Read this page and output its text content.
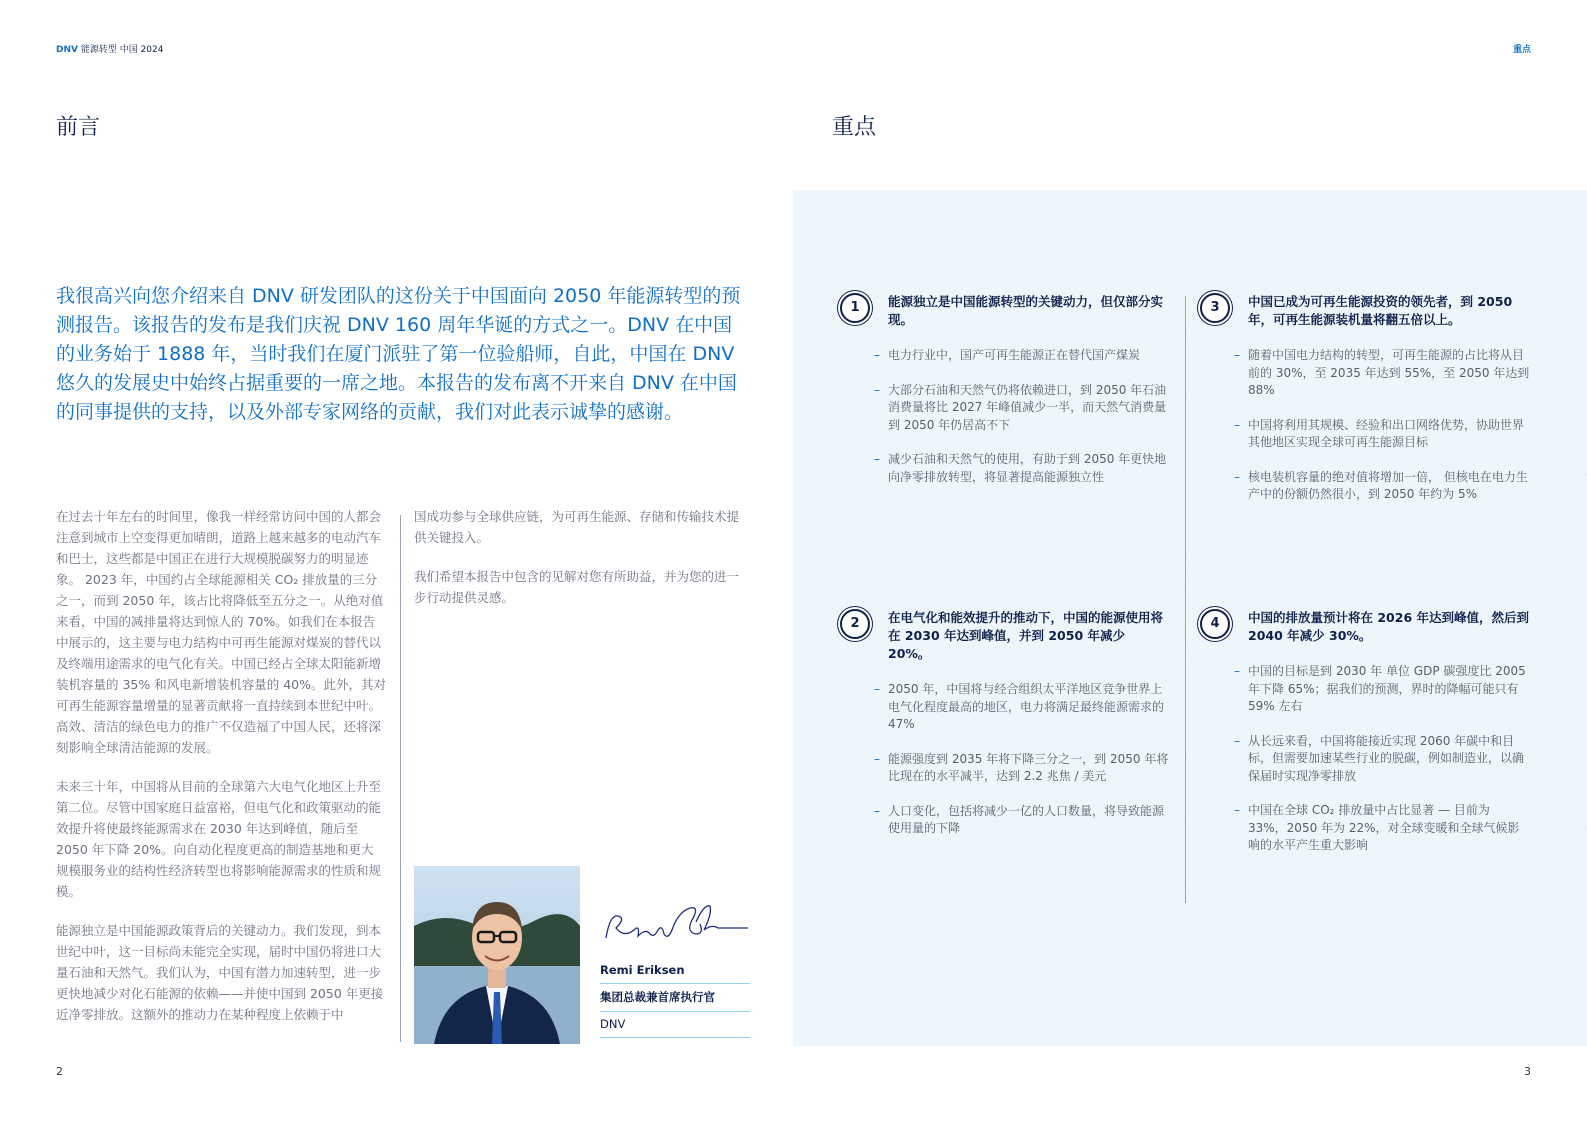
DNV 能源转型 中国 2024	重点
前言
我很高兴向您介绍来自 DNV 研发团队的这份关于中国面向 2050 年能源转型的预测报告。该报告的发布是我们庆祝 DNV 160 周年华诞的方式之一。DNV 在中国的业务始于 1888 年，当时我们在厦门派驻了第一位验船师，自此，中国在 DNV 悠久的发展史中始终占据重要的一席之地。本报告的发布离不开来自 DNV 在中国的同事提供的支持，以及外部专家网络的贡献，我们对此表示诚挚的感谢。

在过去十年左右的时间里，像我一样经常访问中国的人都会注意到城市上空变得更加晴朗，道路上越来越多的电动汽车和巴士，这些都是中国正在进行大规模脱碳努力的明显迹象。 2023 年，中国约占全球能源相关 CO₂ 排放量的三分之一，而到 2050 年，该占比将降低至五分之一。从绝对值来看，中国的减排量将达到惊人的 70%。如我们在本报告中展示的，这主要与电力结构中可再生能源对煤炭的替代以及终端用途需求的电气化有关。中国已经占全球太阳能新增装机容量的 35% 和风电新增装机容量的 40%。此外，其对可再生能源容量增量的显著贡献将一直持续到本世纪中叶。高效、清洁的绿色电力的推广不仅造福了中国人民，还将深刻影响全球清洁能源的发展。

未来三十年，中国将从目前的全球第六大电气化地区上升至第二位。尽管中国家庭日益富裕，但电气化和政策驱动的能效提升将使最终能源需求在 2030 年达到峰值，随后至 2050 年下降 20%。向自动化程度更高的制造基地和更大规模服务业的结构性经济转型也将影响能源需求的性质和规模。

能源独立是中国能源政策背后的关键动力。我们发现，到本世纪中叶，这一目标尚未能完全实现，届时中国仍将进口大量石油和天然气。我们认为，中国有潜力加速转型，进一步更快地减少对化石能源的依赖——并使中国到 2050 年更接近净零排放。这额外的推动力在某种程度上依赖于中

国成功参与全球供应链，为可再生能源、存储和传输技术提供关键投入。

我们希望本报告中包含的见解对您有所助益，并为您的进一步行动提供灵感。

Remi Eriksen
集团总裁兼首席执行官
DNV
2
重点
1	能源独立是中国能源转型的关键动力，但仅部分实现。
– 电力行业中，国产可再生能源正在替代国产煤炭
– 大部分石油和天然气仍将依赖进口，到 2050 年石油消费量将比 2027 年峰值减少一半，而天然气消费量到 2050 年仍居高不下
– 减少石油和天然气的使用，有助于到 2050 年更快地向净零排放转型，将显著提高能源独立性
2	在电气化和能效提升的推动下，中国的能源使用将在 2030 年达到峰值，并到 2050 年减少 20%。
– 2050 年，中国将与经合组织太平洋地区竞争世界上电气化程度最高的地区，电力将满足最终能源需求的 47%
– 能源强度到 2035 年将下降三分之一，到 2050 年将比现在的水平减半，达到 2.2 兆焦 / 美元
– 人口变化，包括将减少一亿的人口数量，将导致能源使用量的下降
3	中国已成为可再生能源投资的领先者，到 2050 年，可再生能源装机量将翻五倍以上。
– 随着中国电力结构的转型，可再生能源的占比将从目前的 30%，至 2035 年达到 55%，至 2050 年达到 88%
– 中国将利用其规模、经验和出口网络优势，协助世界其他地区实现全球可再生能源目标
– 核电装机容量的绝对值将增加一倍， 但核电在电力生产中的份额仍然很小，到 2050 年约为 5%
4	中国的排放量预计将在 2026 年达到峰值，然后到 2040 年减少 30%。
– 中国的目标是到 2030 年 单位 GDP 碳强度比 2005 年下降 65%；据我们的预测，界时的降幅可能只有 59% 左右
– 从长远来看，中国将能接近实现 2060 年碳中和目标，但需要加速某些行业的脱碳，例如制造业，以确保届时实现净零排放
– 中国在全球 CO₂ 排放量中占比显著 — 目前为 33%，2050 年为 22%，对全球变暖和全球气候影响的水平产生重大影响
3
